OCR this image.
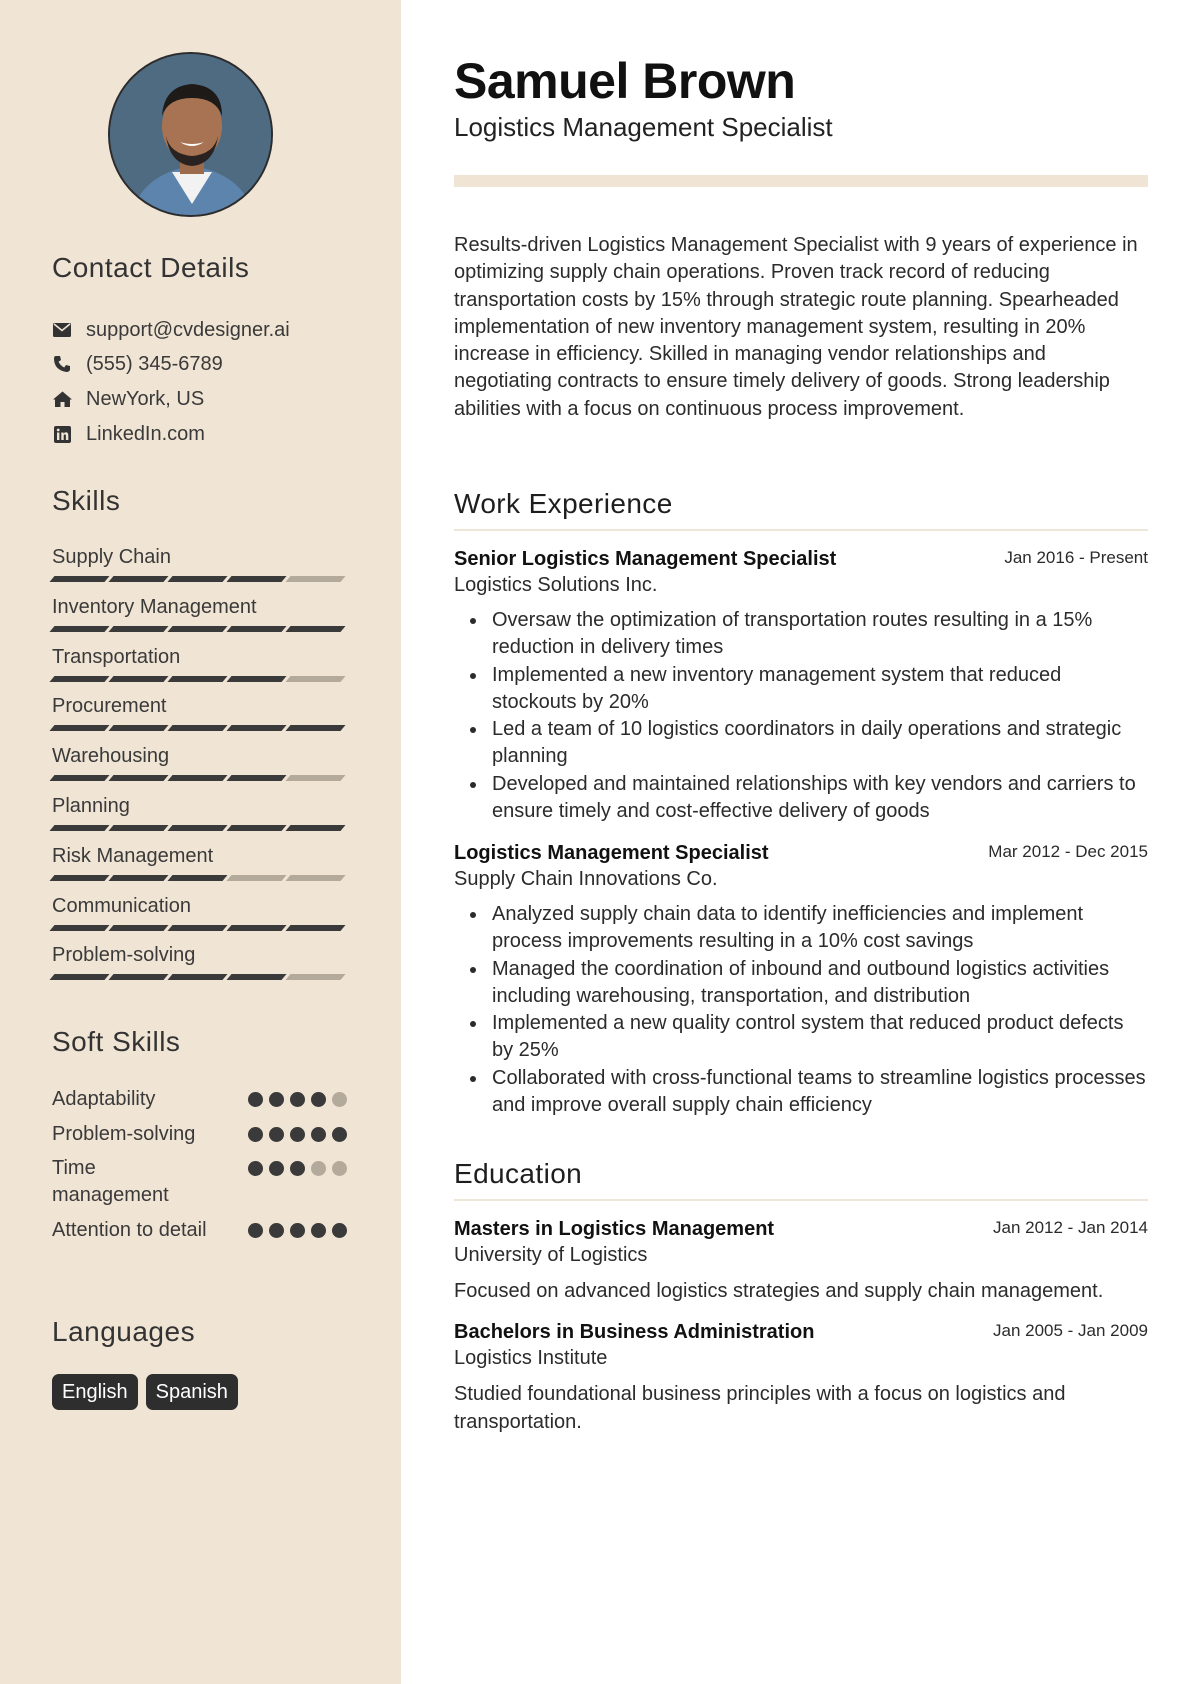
Contact Details
support@cvdesigner.ai
(555) 345-6789
NewYork, US
LinkedIn.com
Skills
Supply Chain
Inventory Management
Transportation
Procurement
Warehousing
Planning
Risk Management
Communication
Problem-solving
Soft Skills
Adaptability
Problem-solving
Time management
Attention to detail
Languages
English	Spanish
Samuel Brown
Logistics Management Specialist

Results-driven Logistics Management Specialist with 9 years of experience in optimizing supply chain operations. Proven track record of reducing transportation costs by 15% through strategic route planning. Spearheaded implementation of new inventory management system, resulting in 20% increase in efficiency. Skilled in managing vendor relationships and negotiating contracts to ensure timely delivery of goods. Strong leadership abilities with a focus on continuous process improvement.

Work Experience
Senior Logistics Management Specialist	Jan 2016 - Present
Logistics Solutions Inc.
Oversaw the optimization of transportation routes resulting in a 15% reduction in delivery times
Implemented a new inventory management system that reduced stockouts by 20%
Led a team of 10 logistics coordinators in daily operations and strategic planning
Developed and maintained relationships with key vendors and carriers to ensure timely and cost-effective delivery of goods
Logistics Management Specialist	Mar 2012 - Dec 2015
Supply Chain Innovations Co.
Analyzed supply chain data to identify inefficiencies and implement process improvements resulting in a 10% cost savings
Managed the coordination of inbound and outbound logistics activities including warehousing, transportation, and distribution
Implemented a new quality control system that reduced product defects by 25%
Collaborated with cross-functional teams to streamline logistics processes and improve overall supply chain efficiency
Education
Masters in Logistics Management	Jan 2012 - Jan 2014
University of Logistics
Focused on advanced logistics strategies and supply chain management.
Bachelors in Business Administration	Jan 2005 - Jan 2009
Logistics Institute
Studied foundational business principles with a focus on logistics and transportation.
